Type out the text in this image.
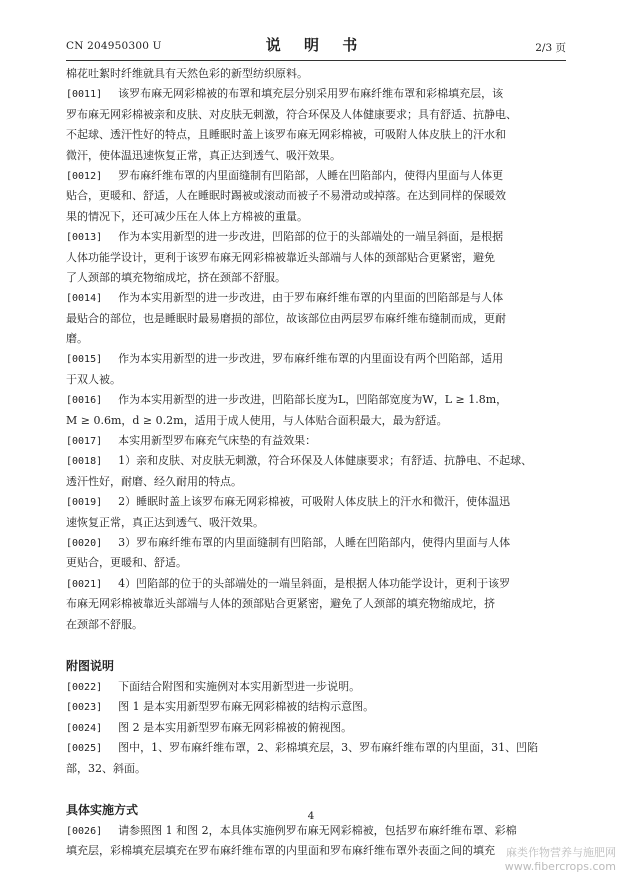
CN 204950300 U	说 明 书	2/3 页
棉花吐絮时纤维就具有天然色彩的新型纺织原料。
[0011] 该罗布麻无网彩棉被的布罩和填充层分别采用罗布麻纤维布罩和彩棉填充层，该
罗布麻无网彩棉被亲和皮肤、对皮肤无刺激，符合环保及人体健康要求；具有舒适、抗静电、
不起球、透汗性好的特点，且睡眠时盖上该罗布麻无网彩棉被，可吸附人体皮肤上的汗水和
微汗，使体温迅速恢复正常，真正达到透气、吸汗效果。
[0012] 罗布麻纤维布罩的内里面缝制有凹陷部，人睡在凹陷部内，使得内里面与人体更
贴合，更暖和、舒适，人在睡眠时踢被或滚动而被子不易滑动或掉落。在达到同样的保暖效
果的情况下，还可减少压在人体上方棉被的重量。
[0013] 作为本实用新型的进一步改进，凹陷部的位于的头部端处的一端呈斜面，是根据
人体功能学设计，更利于该罗布麻无网彩棉被靠近头部端与人体的颈部贴合更紧密，避免
了人颈部的填充物缩成坨，挤在颈部不舒服。
[0014] 作为本实用新型的进一步改进，由于罗布麻纤维布罩的内里面的凹陷部是与人体
最贴合的部位，也是睡眠时最易磨损的部位，故该部位由两层罗布麻纤维布缝制而成，更耐
磨。
[0015] 作为本实用新型的进一步改进，罗布麻纤维布罩的内里面设有两个凹陷部，适用
于双人被。
[0016] 作为本实用新型的进一步改进，凹陷部长度为L，凹陷部宽度为W，L ≥ 1.8m，
M ≥ 0.6m，d ≥ 0.2m，适用于成人使用，与人体贴合面积最大，最为舒适。
[0017] 本实用新型罗布麻充气床垫的有益效果：
[0018] 1）亲和皮肤、对皮肤无刺激，符合环保及人体健康要求；有舒适、抗静电、不起球、
透汗性好，耐磨、经久耐用的特点。
[0019] 2）睡眠时盖上该罗布麻无网彩棉被，可吸附人体皮肤上的汗水和微汗，使体温迅
速恢复正常，真正达到透气、吸汗效果。
[0020] 3）罗布麻纤维布罩的内里面缝制有凹陷部，人睡在凹陷部内，使得内里面与人体
更贴合，更暖和、舒适。
[0021] 4）凹陷部的位于的头部端处的一端呈斜面，是根据人体功能学设计，更利于该罗
布麻无网彩棉被靠近头部端与人体的颈部贴合更紧密，避免了人颈部的填充物缩成坨，挤
在颈部不舒服。
附图说明
[0022] 下面结合附图和实施例对本实用新型进一步说明。
[0023] 图 1 是本实用新型罗布麻无网彩棉被的结构示意图。
[0024] 图 2 是本实用新型罗布麻无网彩棉被的俯视图。
[0025] 图中，1、罗布麻纤维布罩，2、彩棉填充层，3、罗布麻纤维布罩的内里面，31、凹陷
部，32、斜面。
具体实施方式
[0026] 请参照图 1 和图 2，本具体实施例罗布麻无网彩棉被，包括罗布麻纤维布罩、彩棉
填充层，彩棉填充层填充在罗布麻纤维布罩的内里面和罗布麻纤维布罩外表面之间的填充
4
麻类作物营养与施肥网
www.fibercrops.com
